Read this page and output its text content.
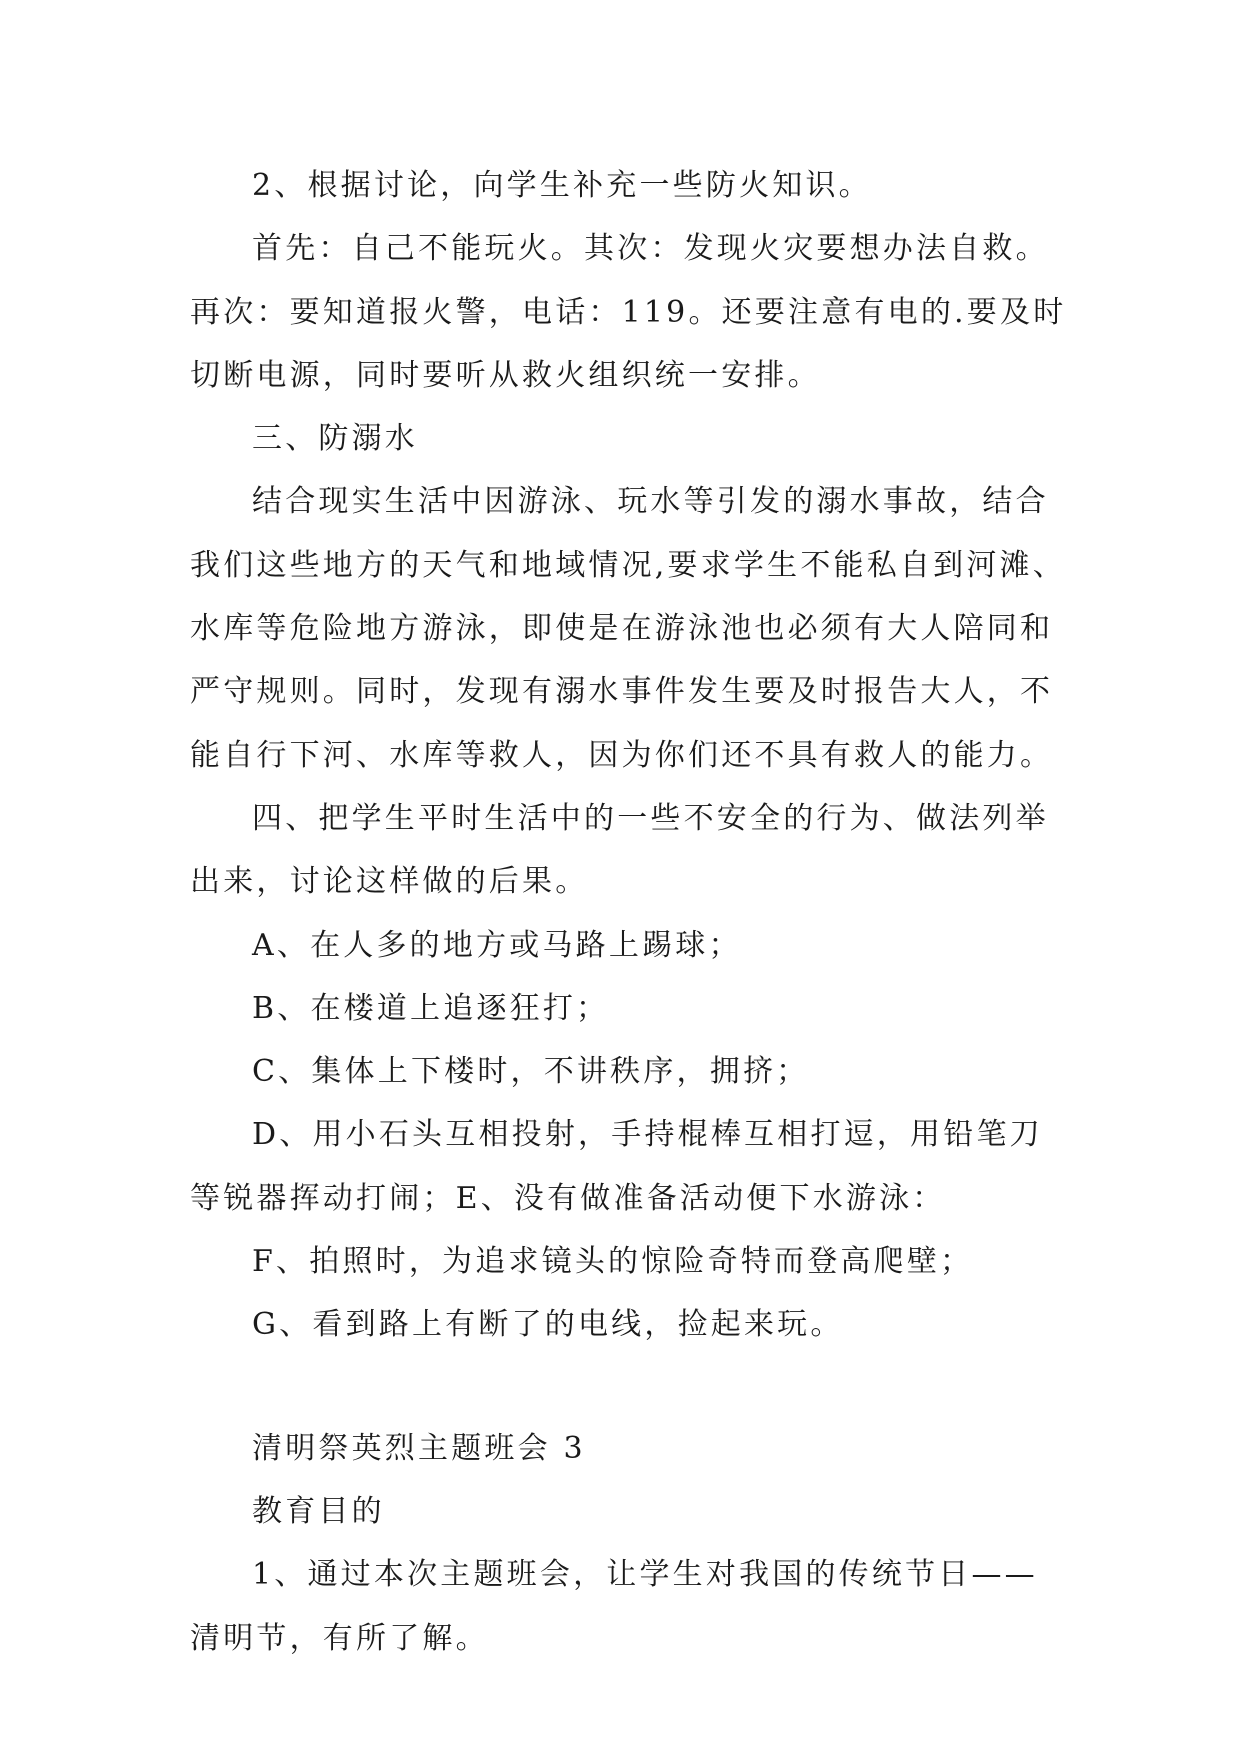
2、根据讨论，向学生补充一些防火知识。
首先：自己不能玩火。其次：发现火灾要想办法自救。
再次：要知道报火警，电话：119。还要注意有电的.要及时
切断电源，同时要听从救火组织统一安排。
三、防溺水
结合现实生活中因游泳、玩水等引发的溺水事故，结合
我们这些地方的天气和地域情况,要求学生不能私自到河滩、
水库等危险地方游泳，即使是在游泳池也必须有大人陪同和
严守规则。同时，发现有溺水事件发生要及时报告大人，不
能自行下河、水库等救人，因为你们还不具有救人的能力。
四、把学生平时生活中的一些不安全的行为、做法列举
出来，讨论这样做的后果。
A、在人多的地方或马路上踢球；
B、在楼道上追逐狂打；
C、集体上下楼时，不讲秩序，拥挤；
D、用小石头互相投射，手持棍棒互相打逗，用铅笔刀
等锐器挥动打闹；E、没有做准备活动便下水游泳：
F、拍照时，为追求镜头的惊险奇特而登高爬壁；
G、看到路上有断了的电线，捡起来玩。
清明祭英烈主题班会 3
教育目的
1、通过本次主题班会，让学生对我国的传统节日——
清明节，有所了解。
